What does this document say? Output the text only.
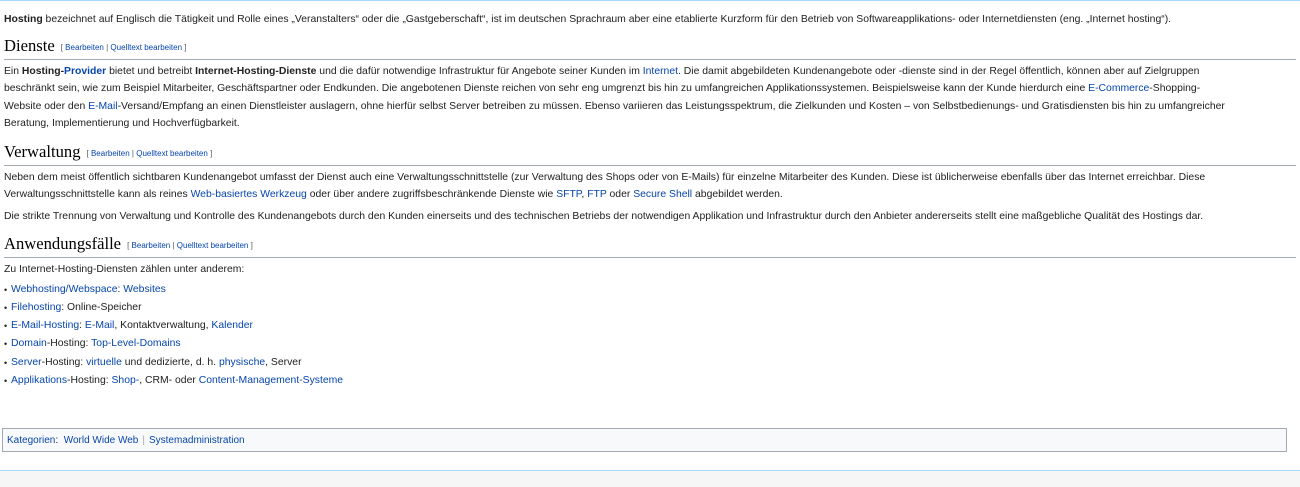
Hosting bezeichnet auf Englisch die Tätigkeit und Rolle eines „Veranstalters“ oder die „Gastgeberschaft“, ist im deutschen Sprachraum aber eine etablierte Kurzform für den Betrieb von Softwareapplikations- oder Internetdiensten (eng. „Internet hosting“).

Dienste [ Bearbeiten | Quelltext bearbeiten ]

Ein Hosting-Provider bietet und betreibt Internet-Hosting-Dienste und die dafür notwendige Infrastruktur für Angebote seiner Kunden im Internet. Die damit abgebildeten Kundenangebote oder -dienste sind in der Regel öffentlich, können aber auf Zielgruppen
beschränkt sein, wie zum Beispiel Mitarbeiter, Geschäftspartner oder Endkunden. Die angebotenen Dienste reichen von sehr eng umgrenzt bis hin zu umfangreichen Applikationssystemen. Beispielsweise kann der Kunde hierdurch eine E-Commerce-Shopping-
Website oder den E-Mail-Versand/Empfang an einen Dienstleister auslagern, ohne hierfür selbst Server betreiben zu müssen. Ebenso variieren das Leistungsspektrum, die Zielkunden und Kosten – von Selbstbedienungs- und Gratisdiensten bis hin zu umfangreicher
Beratung, Implementierung und Hochverfügbarkeit.

Verwaltung [ Bearbeiten | Quelltext bearbeiten ]

Neben dem meist öffentlich sichtbaren Kundenangebot umfasst der Dienst auch eine Verwaltungsschnittstelle (zur Verwaltung des Shops oder von E-Mails) für einzelne Mitarbeiter des Kunden. Diese ist üblicherweise ebenfalls über das Internet erreichbar. Diese
Verwaltungsschnittstelle kann als reines Web-basiertes Werkzeug oder über andere zugriffsbeschränkende Dienste wie SFTP, FTP oder Secure Shell abgebildet werden.

Die strikte Trennung von Verwaltung und Kontrolle des Kundenangebots durch den Kunden einerseits und des technischen Betriebs der notwendigen Applikation und Infrastruktur durch den Anbieter andererseits stellt eine maßgebliche Qualität des Hostings dar.

Anwendungsfälle [ Bearbeiten | Quelltext bearbeiten ]

Zu Internet-Hosting-Diensten zählen unter anderem:

• Webhosting/Webspace: Websites
• Filehosting: Online-Speicher
• E-Mail-Hosting: E-Mail, Kontaktverwaltung, Kalender
• Domain-Hosting: Top-Level-Domains
• Server-Hosting: virtuelle und dedizierte, d. h. physische, Server
• Applikations-Hosting: Shop-, CRM- oder Content-Management-Systeme
Kategorien: World Wide Web | Systemadministration
